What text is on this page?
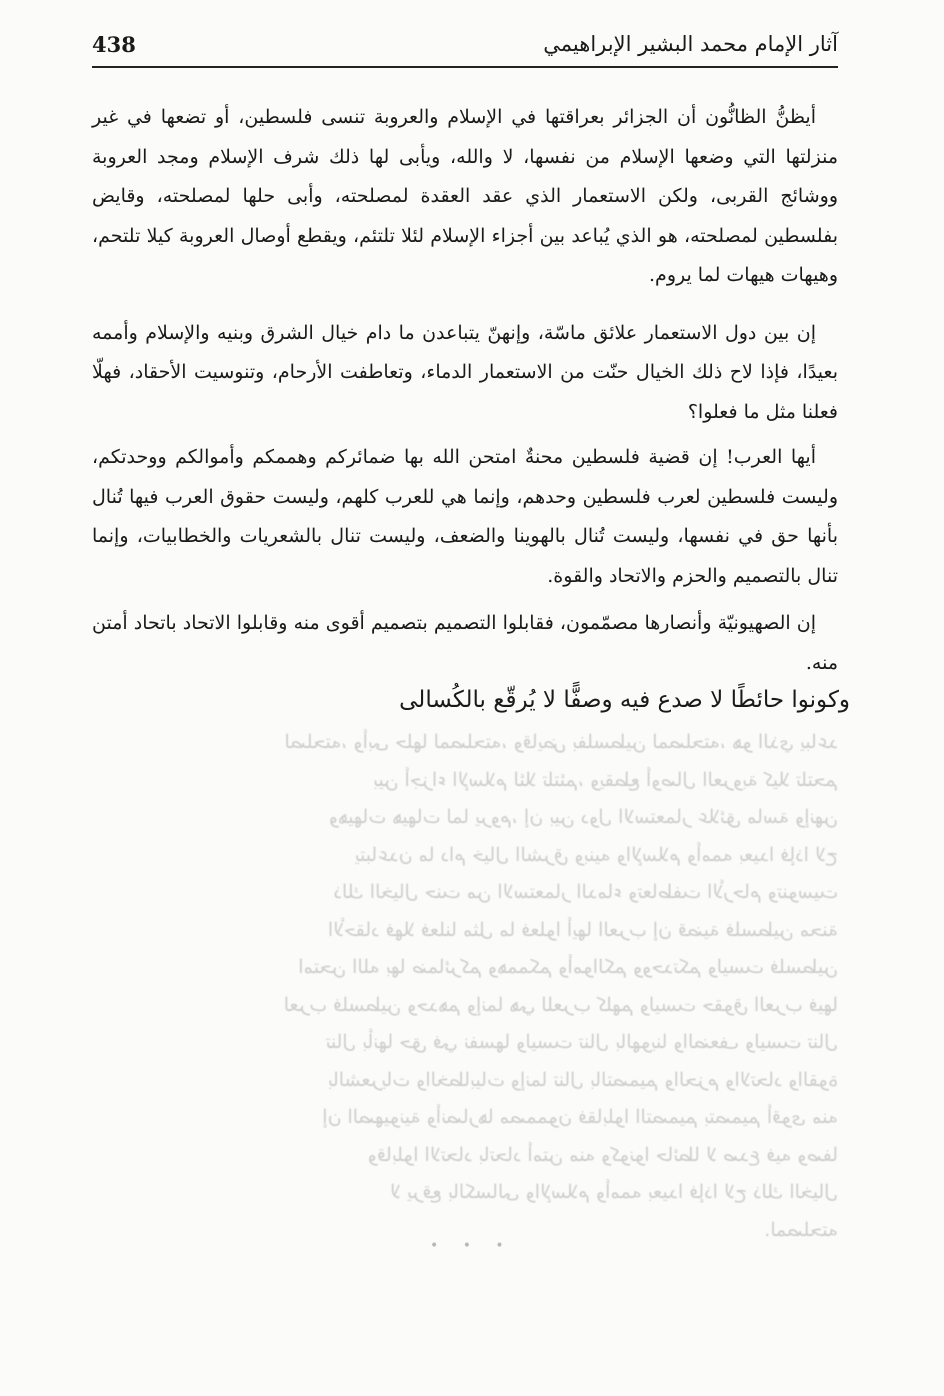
438	آثار الإمام محمد البشير الإبراهيمي
لصلحته، وأبى حلها لمصلحته، وقايض بفلسطين لمصلحته، هو الذي يباعد
بين أجزاء الإسلام لئلا تلتئم، ويقطع أوصال العروبة كيلا تلتحم
وهيهات هيهات لما يروم، إن بين دول الاستعمار علائق ماسة وإنهن
يتباعدن ما دام خيال الشرق وبنيه والإسلام وأممه بعيدا فإذا لاح
ذلك الخيال حنت من الاستعمار الدماء وتعاطفت الأرحام وتنوسيت
الأحقاد فهلا فعلنا مثل ما فعلوا أيها العرب إن قضية فلسطين محنة
امتحن الله بها ضمائركم وهممكم وأموالكم ووحدتكم وليست فلسطين
لعرب فلسطين وحدهم وإنما هي للعرب كلهم وليست حقوق العرب فيها
تنال بأنها حق في نفسها وليست تنال بالهوينا والضعف وليست تنال
بالشعريات والخطابيات وإنما تنال بالتصميم والحزم والاتحاد والقوة
إن الصهيونية وأنصارها مصممون فقابلوا التصميم بتصميم أقوى منه
وقابلوا الاتحاد باتحاد أمتن منه وكونوا حائطا لا صدع فيه وصفا
لا يرقع بالكسالى والإسلام وأممه بعيدا فإذا لاح ذلك الخيال
لمصلحته.

أيظنُّ الظانُّون أن الجزائر بعراقتها في الإسلام والعروبة تنسى فلسطين، أو تضعها في غير منزلتها التي وضعها الإسلام من نفسها، لا والله، ويأبى لها ذلك شرف الإسلام ومجد العروبة ووشائج القربى، ولكن الاستعمار الذي عقد العقدة لمصلحته، وأبى حلها لمصلحته، وقايض بفلسطين لمصلحته، هو الذي يُباعد بين أجزاء الإسلام لئلا تلتئم، ويقطع أوصال العروبة كيلا تلتحم، وهيهات هيهات لما يروم.

إن بين دول الاستعمار علائق ماسّة، وإنهنّ يتباعدن ما دام خيال الشرق وبنيه والإسلام وأممه بعيدًا، فإذا لاح ذلك الخيال حنّت من الاستعمار الدماء، وتعاطفت الأرحام، وتنوسيت الأحقاد، فهلّا فعلنا مثل ما فعلوا؟

أيها العرب! إن قضية فلسطين محنةٌ امتحن الله بها ضمائركم وهممكم وأموالكم ووحدتكم، وليست فلسطين لعرب فلسطين وحدهم، وإنما هي للعرب كلهم، وليست حقوق العرب فيها تُنال بأنها حق في نفسها، وليست تُنال بالهوينا والضعف، وليست تنال بالشعريات والخطابيات، وإنما تنال بالتصميم والحزم والاتحاد والقوة.

إن الصهيونيّة وأنصارها مصمّمون، فقابلوا التصميم بتصميم أقوى منه وقابلوا الاتحاد باتحاد أمتن منه.

وكونوا حائطًا لا صدع فيه وصفًّا لا يُرقّع بالكُسالى
• • •
